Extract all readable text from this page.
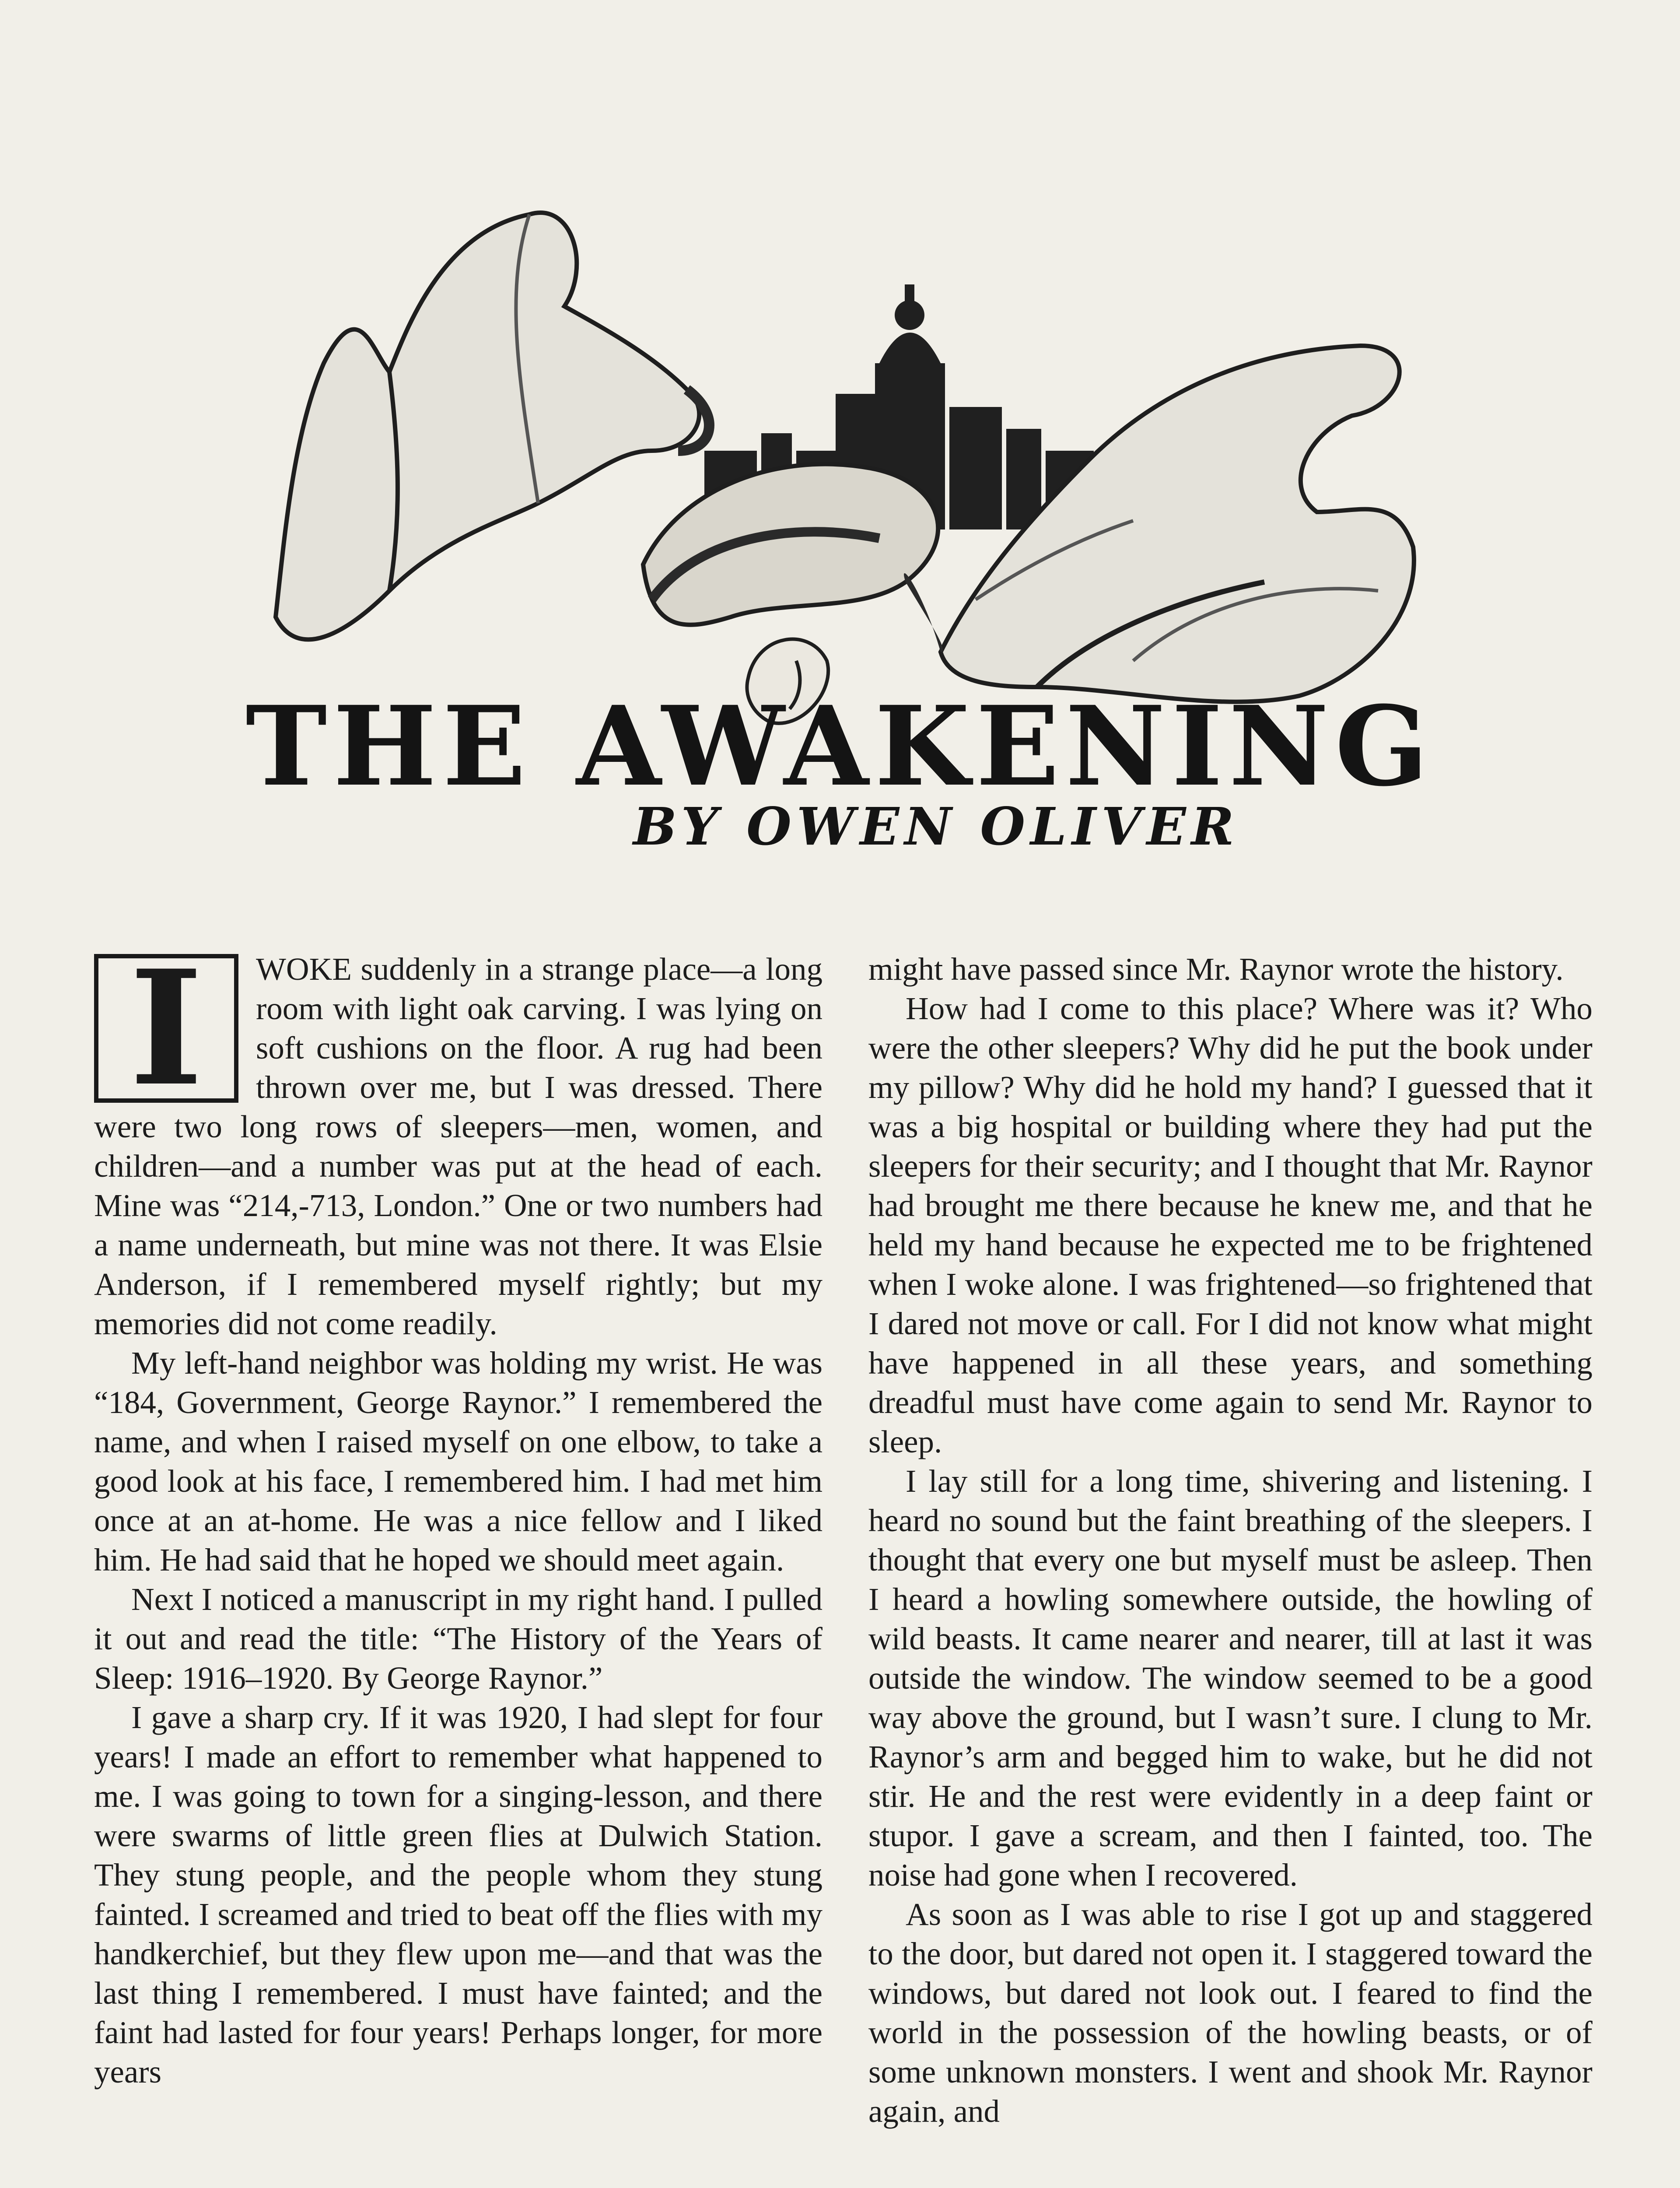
THE AWAKENING
BY OWEN OLIVER
I	WOKE suddenly in a strange place—a long room with light oak carving. I was lying on soft cushions on the floor. A rug had been thrown over me, but I was dressed. There were two long rows of sleepers—men, women, and children—and a number was put at the head of each. Mine was “214,-713, London.” One or two numbers had a name underneath, but mine was not there. It was Elsie Anderson, if I remembered myself rightly; but my memories did not come readily.

My left-hand neighbor was holding my wrist. He was “184, Government, George Raynor.” I remembered the name, and when I raised myself on one elbow, to take a good look at his face, I remembered him. I had met him once at an at-home. He was a nice fellow and I liked him. He had said that he hoped we should meet again.

Next I noticed a manuscript in my right hand. I pulled it out and read the title: “The History of the Years of Sleep: 1916–1920. By George Raynor.”

I gave a sharp cry. If it was 1920, I had slept for four years! I made an effort to remember what happened to me. I was going to town for a singing-lesson, and there were swarms of little green flies at Dulwich Station. They stung people, and the people whom they stung fainted. I screamed and tried to beat off the flies with my handkerchief, but they flew upon me—and that was the last thing I remembered. I must have fainted; and the faint had lasted for four years! Perhaps longer, for more years

might have passed since Mr. Raynor wrote the history.

How had I come to this place? Where was it? Who were the other sleepers? Why did he put the book under my pillow? Why did he hold my hand? I guessed that it was a big hospital or building where they had put the sleepers for their security; and I thought that Mr. Raynor had brought me there because he knew me, and that he held my hand because he expected me to be frightened when I woke alone. I was frightened—so frightened that I dared not move or call. For I did not know what might have happened in all these years, and something dreadful must have come again to send Mr. Raynor to sleep.

I lay still for a long time, shivering and listening. I heard no sound but the faint breathing of the sleepers. I thought that every one but myself must be asleep. Then I heard a howling somewhere outside, the howling of wild beasts. It came nearer and nearer, till at last it was outside the window. The window seemed to be a good way above the ground, but I wasn’t sure. I clung to Mr. Raynor’s arm and begged him to wake, but he did not stir. He and the rest were evidently in a deep faint or stupor. I gave a scream, and then I fainted, too. The noise had gone when I recovered.

As soon as I was able to rise I got up and staggered to the door, but dared not open it. I staggered toward the windows, but dared not look out. I feared to find the world in the possession of the howling beasts, or of some unknown monsters. I went and shook Mr. Raynor again, and
